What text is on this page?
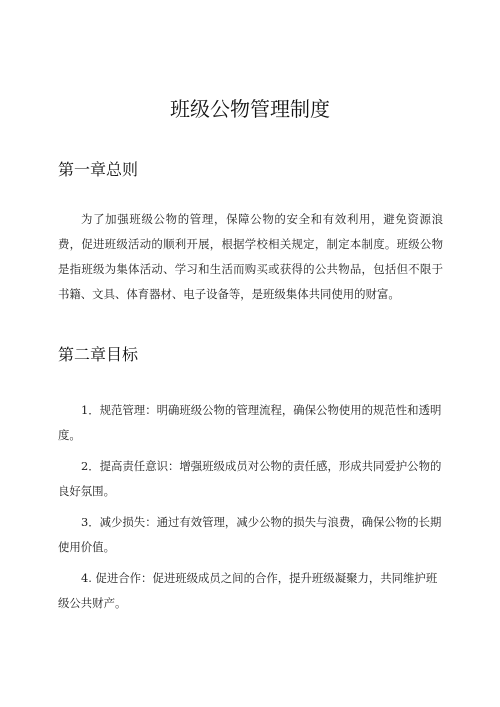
班级公物管理制度
第一章总则
为了加强班级公物的管理，保障公物的安全和有效利用，避免资源浪费，促进班级活动的顺利开展，根据学校相关规定，制定本制度。班级公物是指班级为集体活动、学习和生活而购买或获得的公共物品，包括但不限于书籍、文具、体育器材、电子设备等，是班级集体共同使用的财富。
第二章目标
1．规范管理：明确班级公物的管理流程，确保公物使用的规范性和透明度。
2．提高责任意识：增强班级成员对公物的责任感，形成共同爱护公物的良好氛围。
3．减少损失：通过有效管理，减少公物的损失与浪费，确保公物的长期使用价值。
4. 促进合作：促进班级成员之间的合作，提升班级凝聚力，共同维护班级公共财产。
